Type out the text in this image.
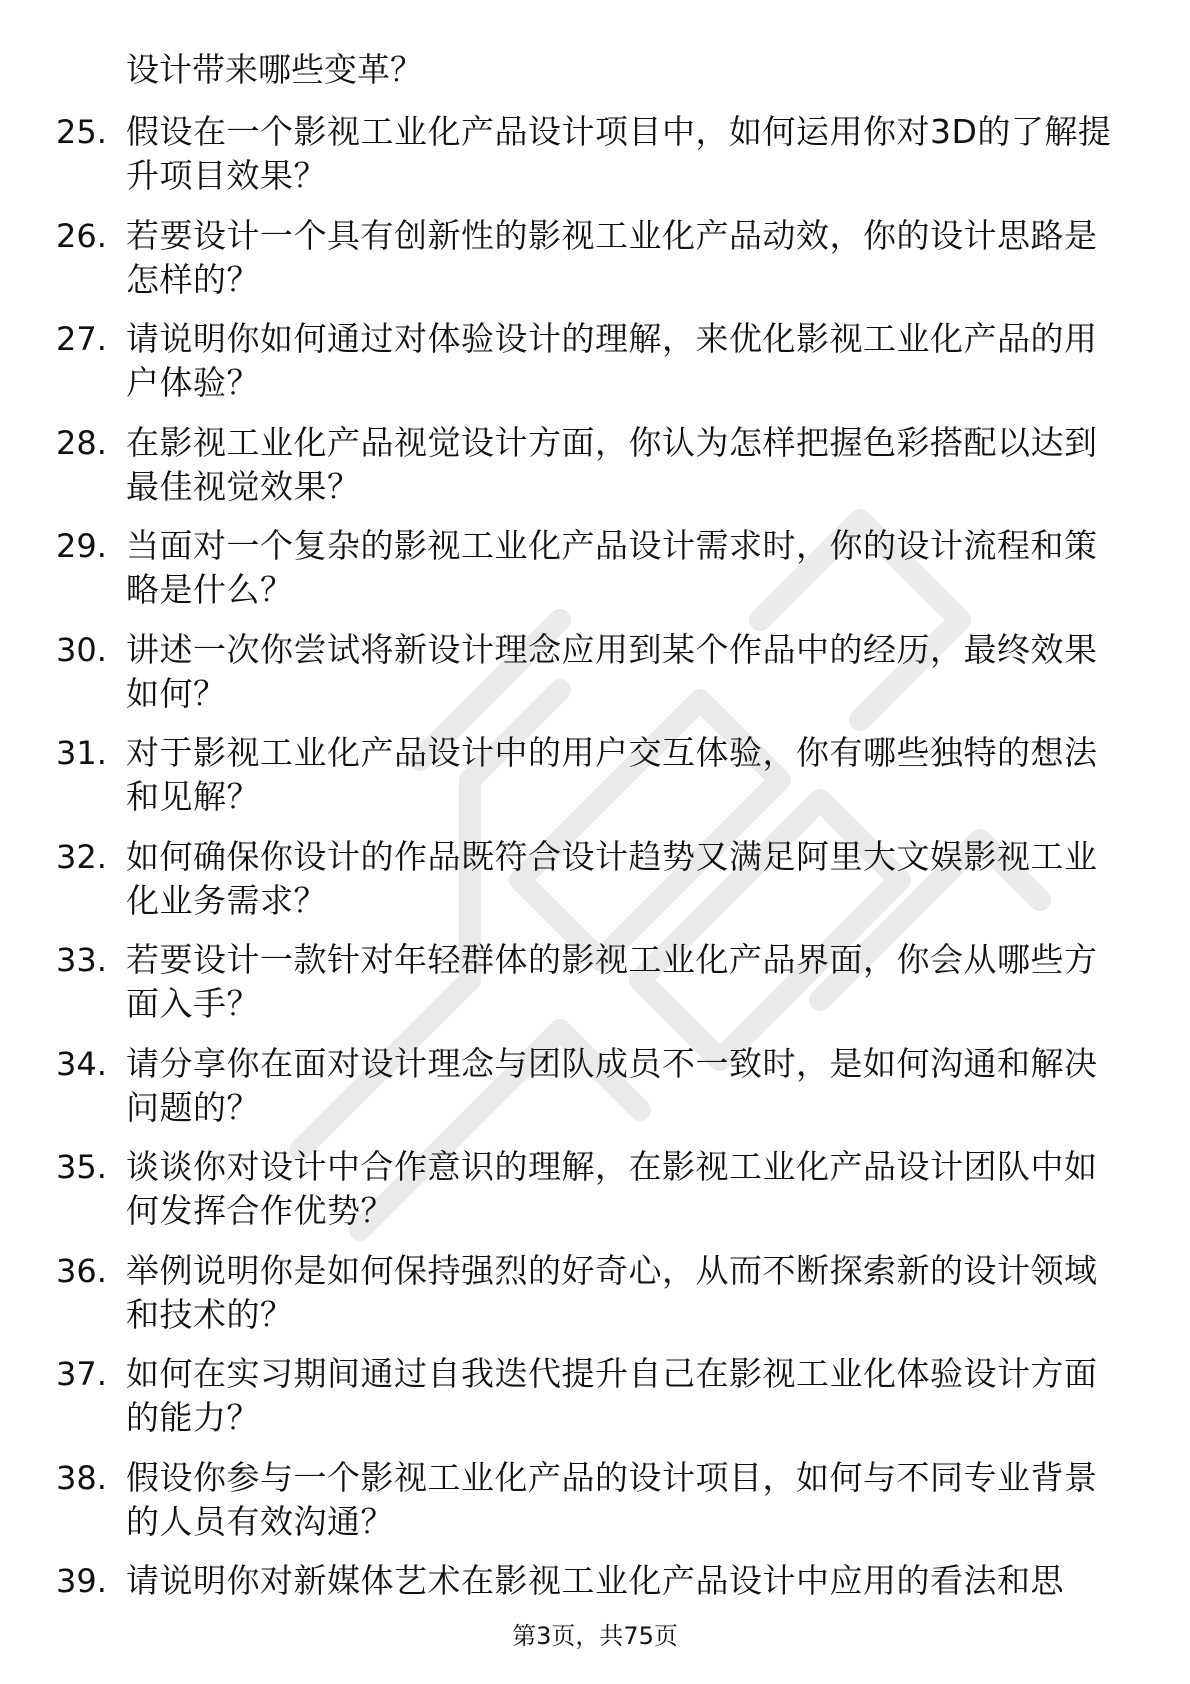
设计带来哪些变革？

25. 假设在一个影视工业化产品设计项目中，如何运用你对3D的了解提升项目效果？
26. 若要设计一个具有创新性的影视工业化产品动效，你的设计思路是怎样的？
27. 请说明你如何通过对体验设计的理解，来优化影视工业化产品的用户体验？
28. 在影视工业化产品视觉设计方面，你认为怎样把握色彩搭配以达到最佳视觉效果？
29. 当面对一个复杂的影视工业化产品设计需求时，你的设计流程和策略是什么？
30. 讲述一次你尝试将新设计理念应用到某个作品中的经历，最终效果如何？
31. 对于影视工业化产品设计中的用户交互体验，你有哪些独特的想法和见解？
32. 如何确保你设计的作品既符合设计趋势又满足阿里大文娱影视工业化业务需求？
33. 若要设计一款针对年轻群体的影视工业化产品界面，你会从哪些方面入手？
34. 请分享你在面对设计理念与团队成员不一致时，是如何沟通和解决问题的？
35. 谈谈你对设计中合作意识的理解，在影视工业化产品设计团队中如何发挥合作优势？
36. 举例说明你是如何保持强烈的好奇心，从而不断探索新的设计领域和技术的？
37. 如何在实习期间通过自我迭代提升自己在影视工业化体验设计方面的能力？
38. 假设你参与一个影视工业化产品的设计项目，如何与不同专业背景的人员有效沟通？
39. 请说明你对新媒体艺术在影视工业化产品设计中应用的看法和思
第3页，共75页
